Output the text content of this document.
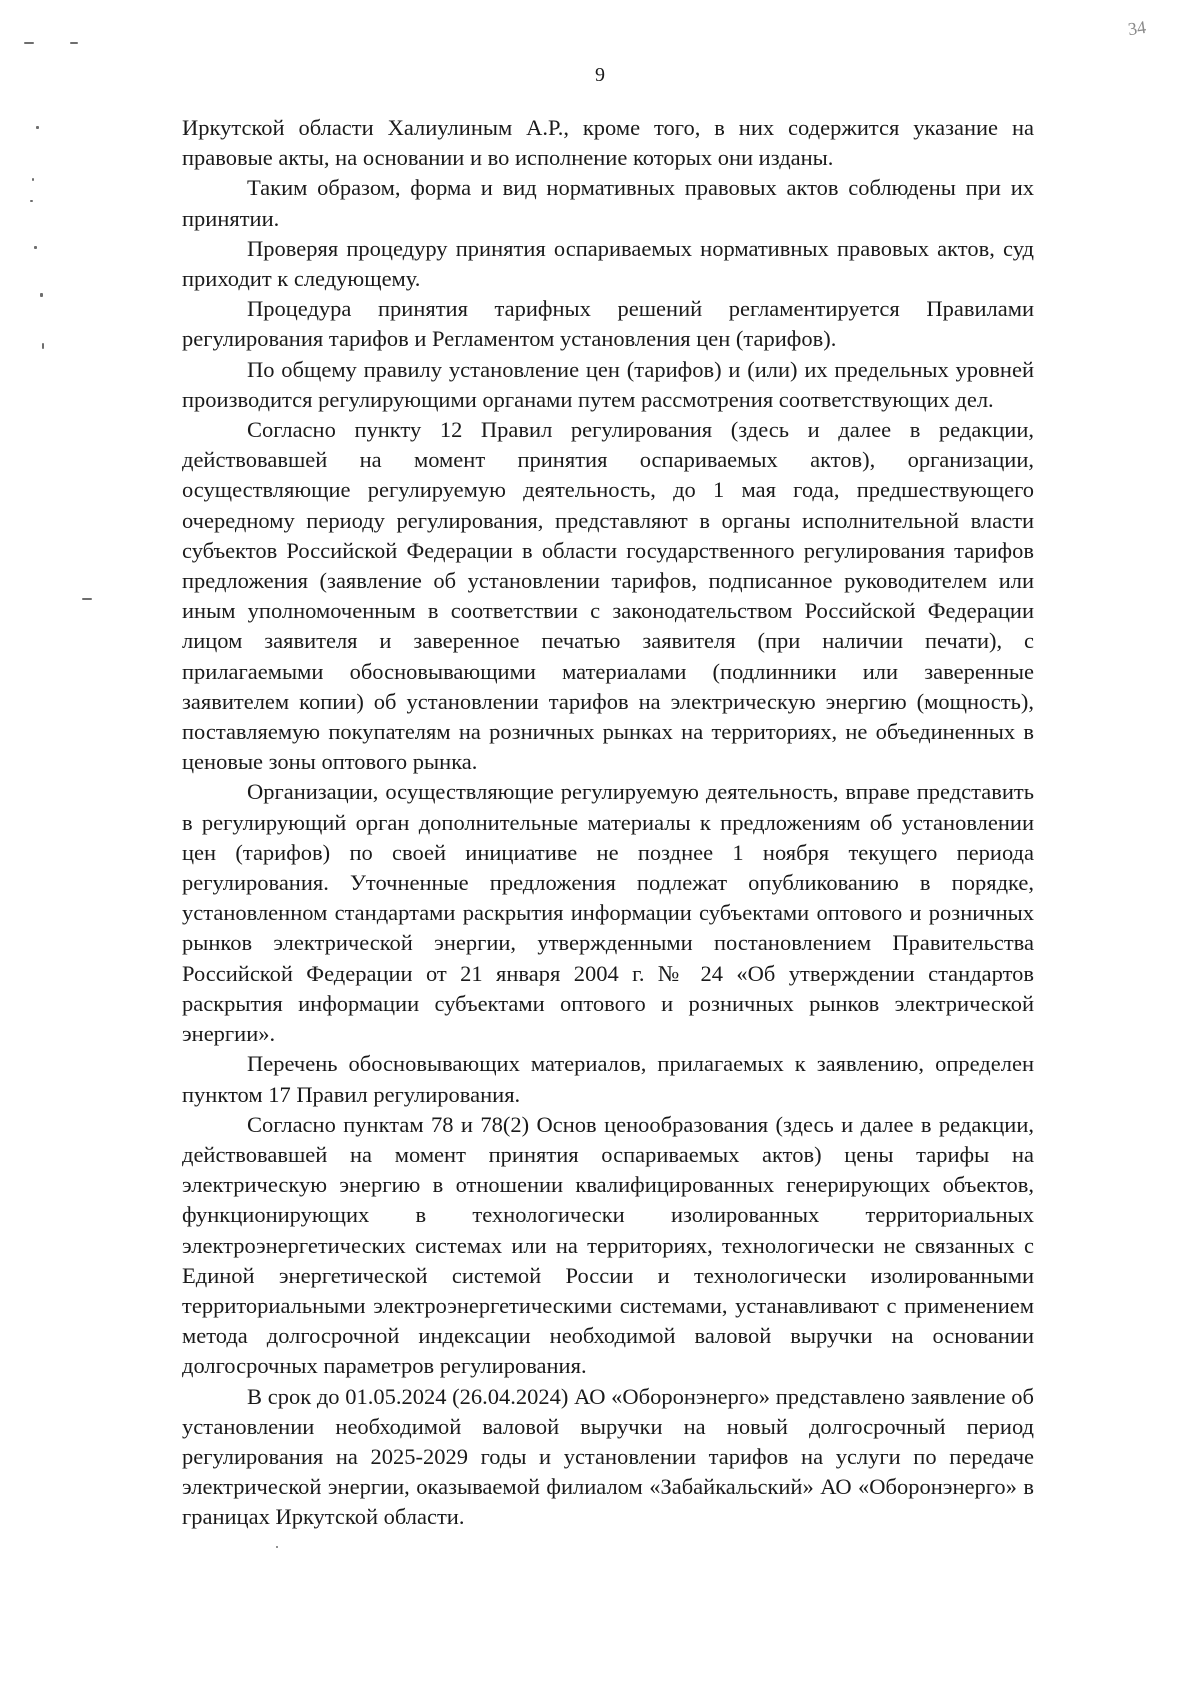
9
34

Иркутской области Халиулиным А.Р., кроме того, в них содержится указание на правовые акты, на основании и во исполнение которых они изданы.

Таким образом, форма и вид нормативных правовых актов соблюдены при их принятии.

Проверяя процедуру принятия оспариваемых нормативных правовых актов, суд приходит к следующему.

Процедура принятия тарифных решений регламентируется Правилами регулирования тарифов и Регламентом установления цен (тарифов).

По общему правилу установление цен (тарифов) и (или) их предельных уровней производится регулирующими органами путем рассмотрения соответствующих дел.

Согласно пункту 12 Правил регулирования (здесь и далее в редакции, действовавшей на момент принятия оспариваемых актов), организации, осуществляющие регулируемую деятельность, до 1 мая года, предшествующего очередному периоду регулирования, представляют в органы исполнительной власти субъектов Российской Федерации в области государственного регулирования тарифов предложения (заявление об установлении тарифов, подписанное руководителем или иным уполномоченным в соответствии с законодательством Российской Федерации лицом заявителя и заверенное печатью заявителя (при наличии печати), с прилагаемыми обосновывающими материалами (подлинники или заверенные заявителем копии) об установлении тарифов на электрическую энергию (мощность), поставляемую покупателям на розничных рынках на территориях, не объединенных в ценовые зоны оптового рынка.

Организации, осуществляющие регулируемую деятельность, вправе представить в регулирующий орган дополнительные материалы к предложениям об установлении цен (тарифов) по своей инициативе не позднее 1 ноября текущего периода регулирования. Уточненные предложения подлежат опубликованию в порядке, установленном стандартами раскрытия информации субъектами оптового и розничных рынков электрической энергии, утвержденными постановлением Правительства Российской Федерации от 21 января 2004 г. № 24 «Об утверждении стандартов раскрытия информации субъектами оптового и розничных рынков электрической энергии».

Перечень обосновывающих материалов, прилагаемых к заявлению, определен пунктом 17 Правил регулирования.

Согласно пунктам 78 и 78(2) Основ ценообразования (здесь и далее в редакции, действовавшей на момент принятия оспариваемых актов) цены тарифы на электрическую энергию в отношении квалифицированных генерирующих объектов, функционирующих в технологически изолированных территориальных электроэнергетических системах или на территориях, технологически не связанных с Единой энергетической системой России и технологически изолированными территориальными электроэнергетическими системами, устанавливают с применением метода долгосрочной индексации необходимой валовой выручки на основании долгосрочных параметров регулирования.

В срок до 01.05.2024 (26.04.2024) АО «Оборонэнерго» представлено заявление об установлении необходимой валовой выручки на новый долгосрочный период регулирования на 2025-2029 годы и установлении тарифов на услуги по передаче электрической энергии, оказываемой филиалом «Забайкальский» АО «Оборонэнерго» в границах Иркутской области.
